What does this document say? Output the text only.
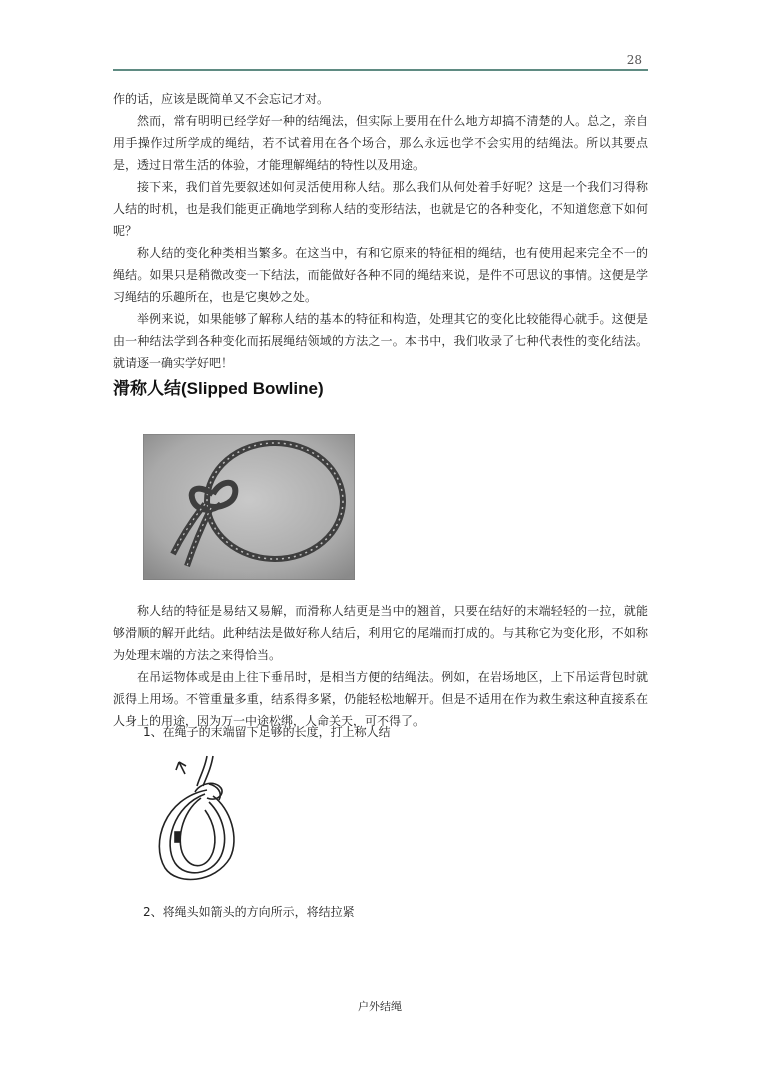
28

作的话，应该是既简单又不会忘记才对。

然而，常有明明已经学好一种的结绳法，但实际上要用在什么地方却搞不清楚的人。总之，亲自用手操作过所学成的绳结，若不试着用在各个场合，那么永远也学不会实用的结绳法。所以其要点是，透过日常生活的体验，才能理解绳结的特性以及用途。

接下来，我们首先要叙述如何灵活使用称人结。那么我们从何处着手好呢？这是一个我们习得称人结的时机，也是我们能更正确地学到称人结的变形结法，也就是它的各种变化，不知道您意下如何呢？

称人结的变化种类相当繁多。在这当中，有和它原来的特征相的绳结，也有使用起来完全不一的绳结。如果只是稍微改变一下结法，而能做好各种不同的绳结来说，是件不可思议的事情。这便是学习绳结的乐趣所在，也是它奥妙之处。

举例来说，如果能够了解称人结的基本的特征和构造，处理其它的变化比较能得心就手。这便是由一种结法学到各种变化而拓展绳结领域的方法之一。本书中，我们收录了七种代表性的变化结法。就请逐一确实学好吧！

滑称人结(Slipped Bowline)

称人结的特征是易结又易解，而滑称人结更是当中的翘首，只要在结好的末端轻轻的一拉，就能够滑顺的解开此结。此种结法是做好称人结后，利用它的尾端而打成的。与其称它为变化形，不如称为处理末端的方法之来得恰当。

在吊运物体或是由上往下垂吊时，是相当方便的结绳法。例如，在岩场地区，上下吊运背包时就派得上用场。不管重量多重，结系得多紧，仍能轻松地解开。但是不适用在作为救生索这种直接系在人身上的用途，因为万一中途松绑，人命关天，可不得了。

1、在绳子的末端留下足够的长度，打上称人结
2、将绳头如箭头的方向所示，将结拉紧
户外结绳
